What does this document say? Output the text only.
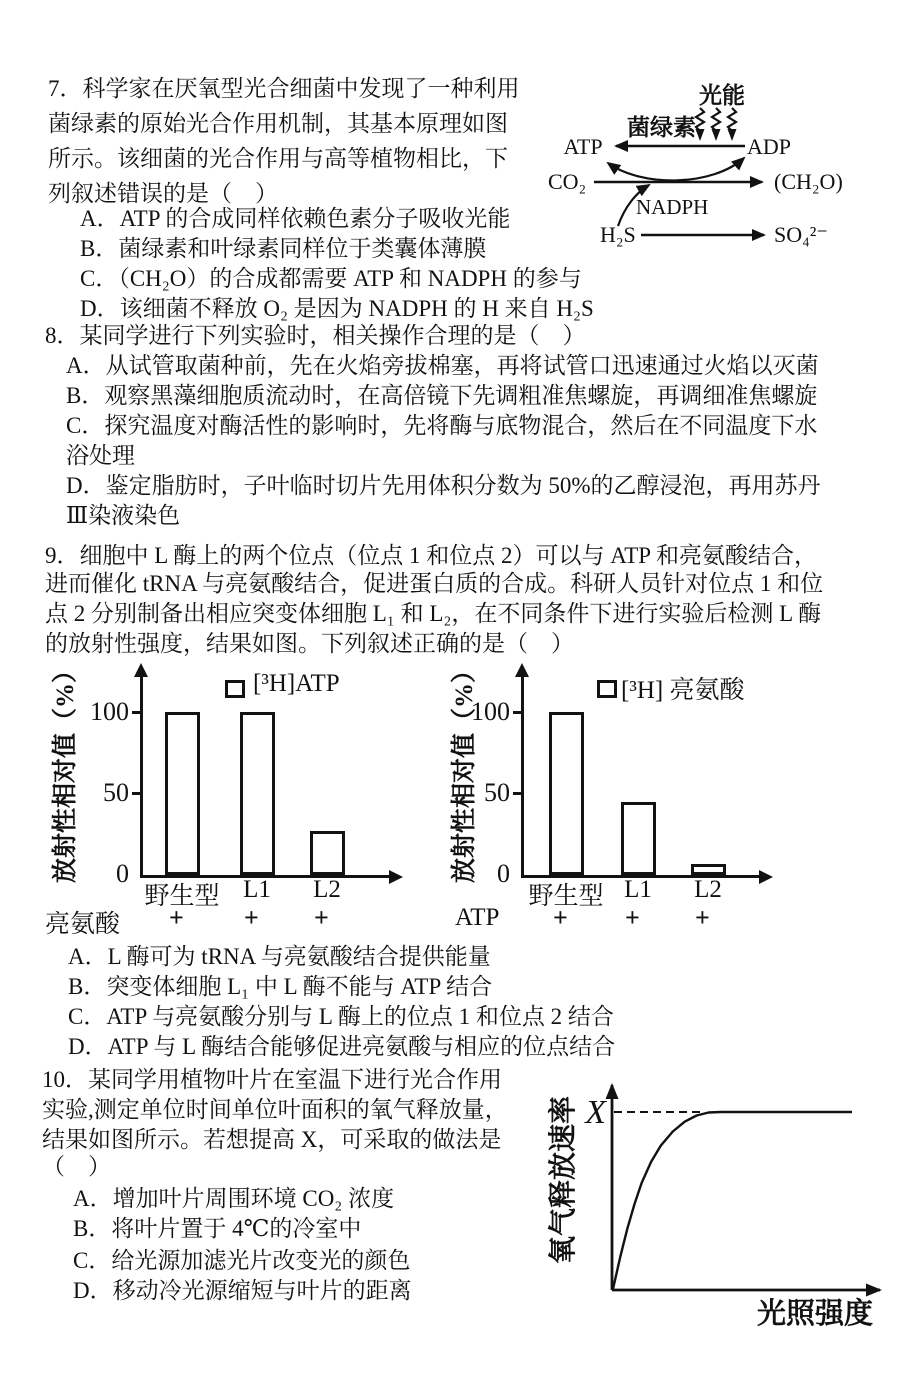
7．科学家在厌氧型光合细菌中发现了一种利用
菌绿素的原始光合作用机制，其基本原理如图
所示。该细菌的光合作用与高等植物相比，下
列叙述错误的是（　）
A．ATP 的合成同样依赖色素分子吸收光能
B．菌绿素和叶绿素同样位于类囊体薄膜
C．（CH₂O）的合成都需要 ATP 和 NADPH 的参与
D．该细菌不释放 O₂ 是因为 NADPH 的 H 来自 H₂S
光能
菌绿素
ATP	ADP
CO₂	(CH₂O)
NADPH
H₂S	SO₄²⁻
8．某同学进行下列实验时，相关操作合理的是（　）
A．从试管取菌种前，先在火焰旁拔棉塞，再将试管口迅速通过火焰以灭菌
B．观察黑藻细胞质流动时，在高倍镜下先调粗准焦螺旋，再调细准焦螺旋
C．探究温度对酶活性的影响时，先将酶与底物混合，然后在不同温度下水
浴处理
D．鉴定脂肪时，子叶临时切片先用体积分数为 50%的乙醇浸泡，再用苏丹
Ⅲ染液染色
9．细胞中 L 酶上的两个位点（位点 1 和位点 2）可以与 ATP 和亮氨酸结合，
进而催化 tRNA 与亮氨酸结合，促进蛋白质的合成。科研人员针对位点 1 和位
点 2 分别制备出相应突变体细胞 L₁ 和 L₂，在不同条件下进行实验后检测 L 酶
的放射性强度，结果如图。下列叙述正确的是（　）
放射性相对值（%） 100
50
0
[³H]ATP
野生型 L1	L2
亮氨酸 + + +
放射性相对值（%）
100
50
0
[³H] 亮氨酸
野生型 L1	L2
ATP + + +
A．L 酶可为 tRNA 与亮氨酸结合提供能量
B．突变体细胞 L₁ 中 L 酶不能与 ATP 结合
C．ATP 与亮氨酸分别与 L 酶上的位点 1 和位点 2 结合
D．ATP 与 L 酶结合能够促进亮氨酸与相应的位点结合
10．某同学用植物叶片在室温下进行光合作用
实验,测定单位时间单位叶面积的氧气释放量，
结果如图所示。若想提高 X，可采取的做法是
（　）
A．增加叶片周围环境 CO₂ 浓度
B．将叶片置于 4℃的冷室中
C．给光源加滤光片改变光的颜色
D．移动冷光源缩短与叶片的距离
X
氧气释放速率
光照强度
